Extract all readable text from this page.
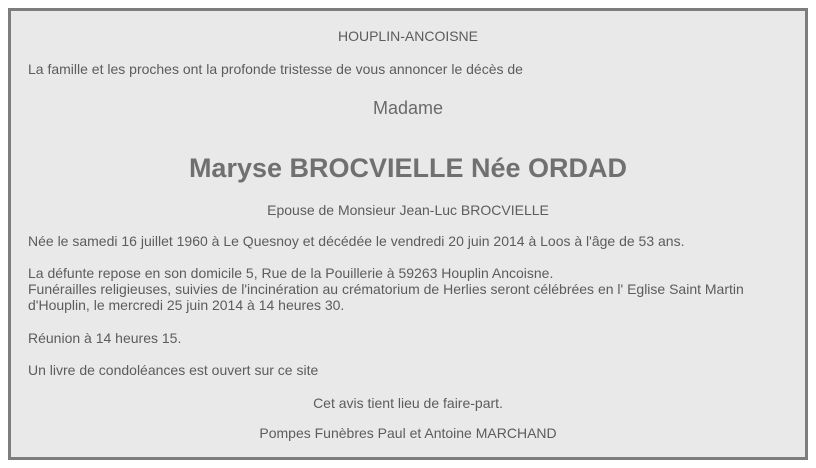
HOUPLIN-ANCOISNE

La famille et les proches ont la profonde tristesse de vous annoncer le décès de

Madame

Maryse BROCVIELLE Née ORDAD

Epouse de Monsieur Jean-Luc BROCVIELLE

Née le samedi 16 juillet 1960 à Le Quesnoy et décédée le vendredi 20 juin 2014 à Loos à l'âge de 53 ans.

La défunte repose en son domicile 5, Rue de la Pouillerie à 59263 Houplin Ancoisne.

Funérailles religieuses, suivies de l'incinération au crématorium de Herlies seront célébrées en l' Eglise Saint Martin d'Houplin, le mercredi 25 juin 2014 à 14 heures 30.

Réunion à 14 heures 15.

Un livre de condoléances est ouvert sur ce site

Cet avis tient lieu de faire-part.

Pompes Funèbres Paul et Antoine MARCHAND
